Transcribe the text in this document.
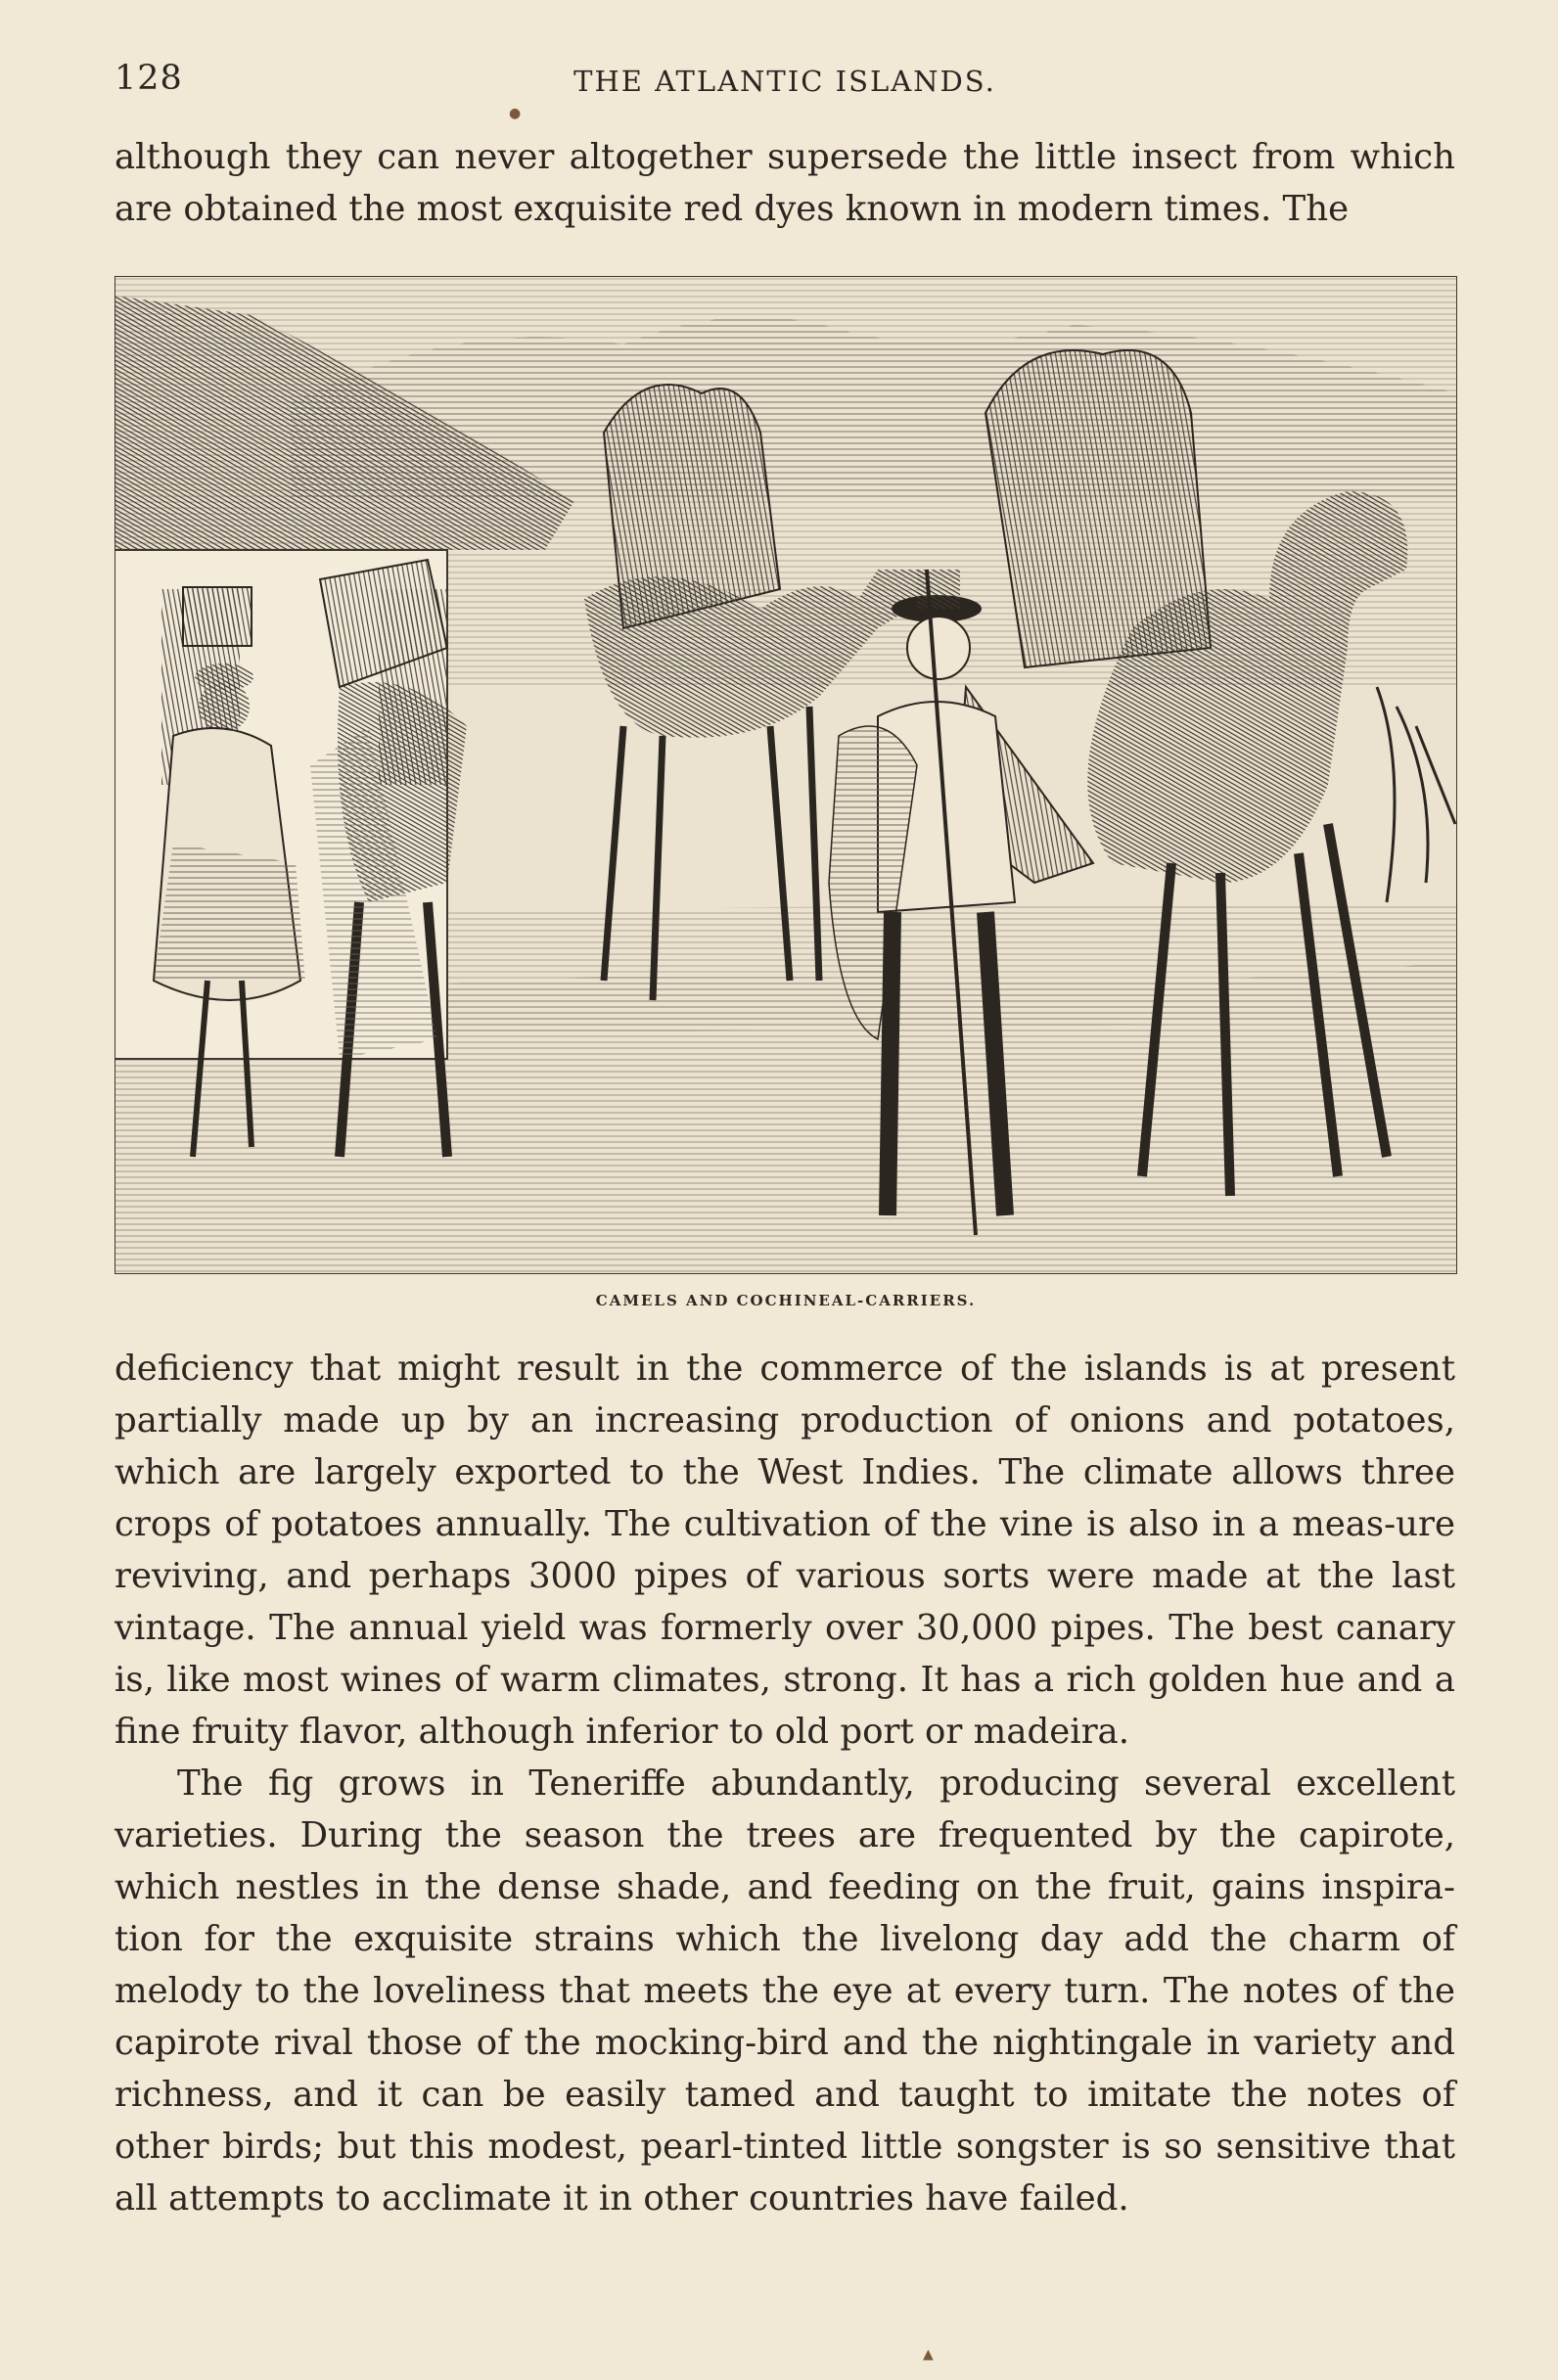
128	THE ATLANTIC ISLANDS.
●

although they can never altogether supersede the little insect from which are obtained the most exquisite red dyes known in modern times. The

CAMELS AND COCHINEAL-CARRIERS.

deficiency that might result in the commerce of the islands is at present partially made up by an increasing production of onions and potatoes, which are largely exported to the West Indies. The climate allows three crops of potatoes annually. The cultivation of the vine is also in a meas-ure reviving, and perhaps 3000 pipes of various sorts were made at the last vintage. The annual yield was formerly over 30,000 pipes. The best canary is, like most wines of warm climates, strong. It has a rich golden hue and a fine fruity flavor, although inferior to old port or madeira.

The fig grows in Teneriffe abundantly, producing several excellent varieties. During the season the trees are frequented by the capirote, which nestles in the dense shade, and feeding on the fruit, gains inspira-tion for the exquisite strains which the livelong day add the charm of melody to the loveliness that meets the eye at every turn. The notes of the capirote rival those of the mocking-bird and the nightingale in variety and richness, and it can be easily tamed and taught to imitate the notes of other birds; but this modest, pearl-tinted little songster is so sensitive that all attempts to acclimate it in other countries have failed.

▲
